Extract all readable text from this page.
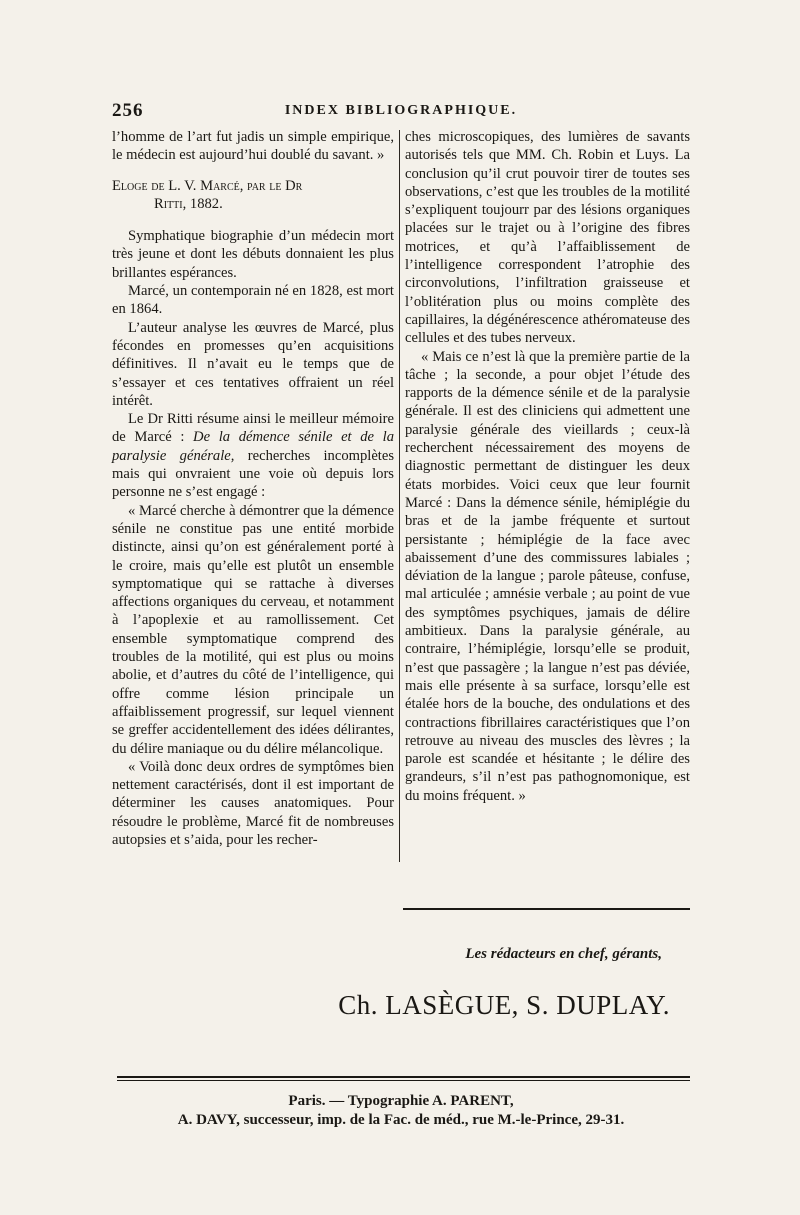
256	INDEX BIBLIOGRAPHIQUE.

l’homme de l’art fut jadis un simple empirique, le médecin est aujourd’hui doublé du savant. »

Eloge de L. V. Marcé, par le Dr
Ritti, 1882.

Symphatique biographie d’un médecin mort très jeune et dont les débuts donnaient les plus brillantes espérances.

Marcé, un contemporain né en 1828, est mort en 1864.

L’auteur analyse les œuvres de Marcé, plus fécondes en promesses qu’en acquisitions définitives. Il n’avait eu le temps que de s’essayer et ces tentatives offraient un réel intérêt.

Le Dr Ritti résume ainsi le meilleur mémoire de Marcé : De la démence sénile et de la paralysie générale, recherches incomplètes mais qui onvraient une voie où depuis lors personne ne s’est engagé :

« Marcé cherche à démontrer que la démence sénile ne constitue pas une entité morbide distincte, ainsi qu’on est généralement porté à le croire, mais qu’elle est plutôt un ensemble symptomatique qui se rattache à diverses affections organiques du cerveau, et notamment à l’apoplexie et au ramollissement. Cet ensemble symptomatique comprend des troubles de la motilité, qui est plus ou moins abolie, et d’autres du côté de l’intelligence, qui offre comme lésion principale un affaiblissement progressif, sur lequel viennent se greffer accidentellement des idées délirantes, du délire maniaque ou du délire mélancolique.

« Voilà donc deux ordres de symptômes bien nettement caractérisés, dont il est important de déterminer les causes anatomiques. Pour résoudre le problème, Marcé fit de nombreuses autopsies et s’aida, pour les recher-

ches microscopiques, des lumières de savants autorisés tels que MM. Ch. Robin et Luys. La conclusion qu’il crut pouvoir tirer de toutes ses observations, c’est que les troubles de la motilité s’expliquent toujourr par des lésions organiques placées sur le trajet ou à l’origine des fibres motrices, et qu’à l’affaiblissement de l’intelligence correspondent l’atrophie des circonvolutions, l’infiltration graisseuse et l’oblitération plus ou moins complète des capillaires, la dégénérescence athéromateuse des cellules et des tubes nerveux.

« Mais ce n’est là que la première partie de la tâche ; la seconde, a pour objet l’étude des rapports de la démence sénile et de la paralysie générale. Il est des cliniciens qui admettent une paralysie générale des vieillards ; ceux-là recherchent nécessairement des moyens de diagnostic permettant de distinguer les deux états morbides. Voici ceux que leur fournit Marcé : Dans la démence sénile, hémiplégie du bras et de la jambe fréquente et surtout persistante ; hémiplégie de la face avec abaissement d’une des commissures labiales ; déviation de la langue ; parole pâteuse, confuse, mal articulée ; amnésie verbale ; au point de vue des symptômes psychiques, jamais de délire ambitieux. Dans la paralysie générale, au contraire, l’hémiplégie, lorsqu’elle se produit, n’est que passagère ; la langue n’est pas déviée, mais elle présente à sa surface, lorsqu’elle est étalée hors de la bouche, des ondulations et des contractions fibrillaires caractéristiques que l’on retrouve au niveau des muscles des lèvres ; la parole est scandée et hésitante ; le délire des grandeurs, s’il n’est pas pathognomonique, est du moins fréquent. »

Les rédacteurs en chef, gérants,
Ch. LASÈGUE, S. DUPLAY.
Paris. — Typographie A. PARENT,
A. DAVY, successeur, imp. de la Fac. de méd., rue M.-le-Prince, 29-31.
